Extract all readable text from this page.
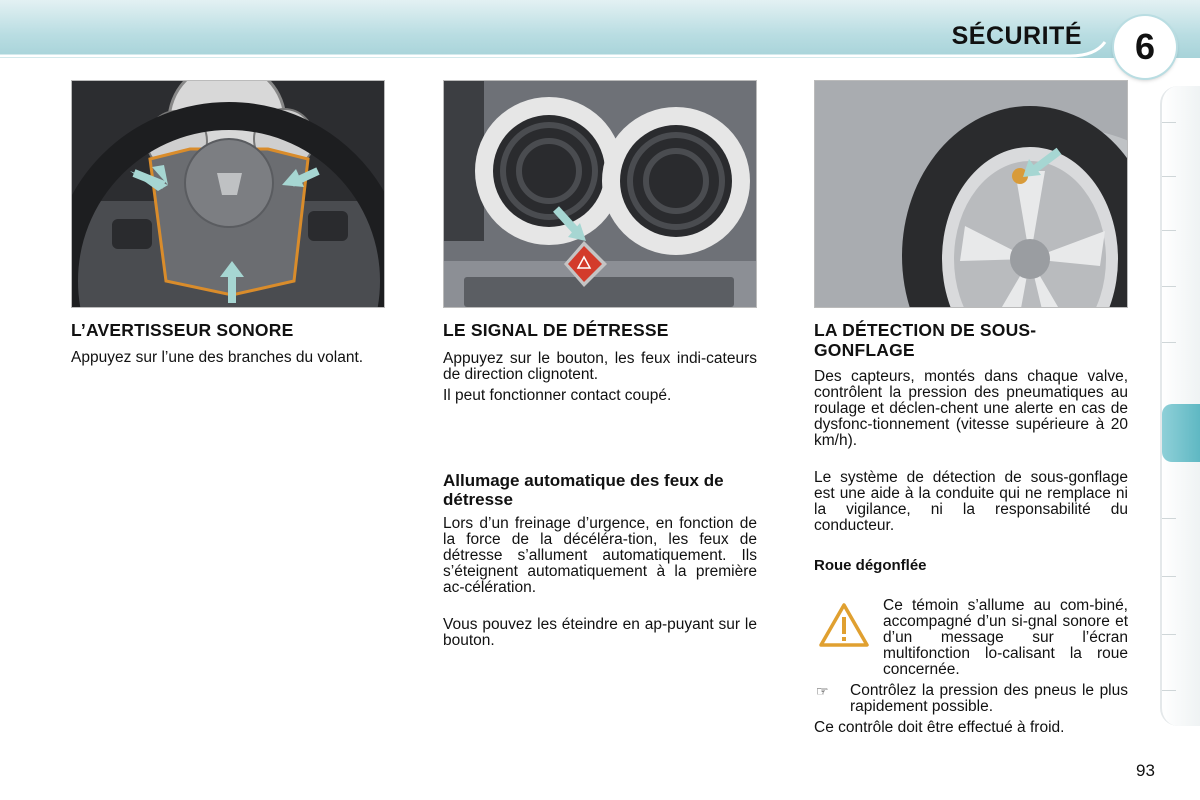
SÉCURITÉ	6
L’AVERTISSEUR SONORE

Appuyez sur l’une des branches du volant.

LE SIGNAL DE DÉTRESSE

Appuyez sur le bouton, les feux indi-cateurs de direction clignotent.

Il peut fonctionner contact coupé.

Allumage automatique des feux de détresse

Lors d’un freinage d’urgence, en fonction de la force de la décéléra-tion, les feux de détresse s’allument automatiquement. Ils s’éteignent automatiquement à la première ac-célération.

Vous pouvez les éteindre en ap-puyant sur le bouton.

LA DÉTECTION DE SOUS-GONFLAGE

Des capteurs, montés dans chaque valve, contrôlent la pression des pneumatiques au roulage et déclen-chent une alerte en cas de dysfonc-tionnement (vitesse supérieure à 20 km/h).

Le système de détection de sous-gonflage est une aide à la conduite qui ne remplace ni la vigilance, ni la responsabilité du conducteur.

Roue dégonflée

Ce témoin s’allume au com-biné, accompagné d’un si-gnal sonore et d’un message sur l’écran multifonction lo-calisant la roue concernée.

☞ Contrôlez la pression des pneus le plus rapidement possible.

Ce contrôle doit être effectué à froid.

93
